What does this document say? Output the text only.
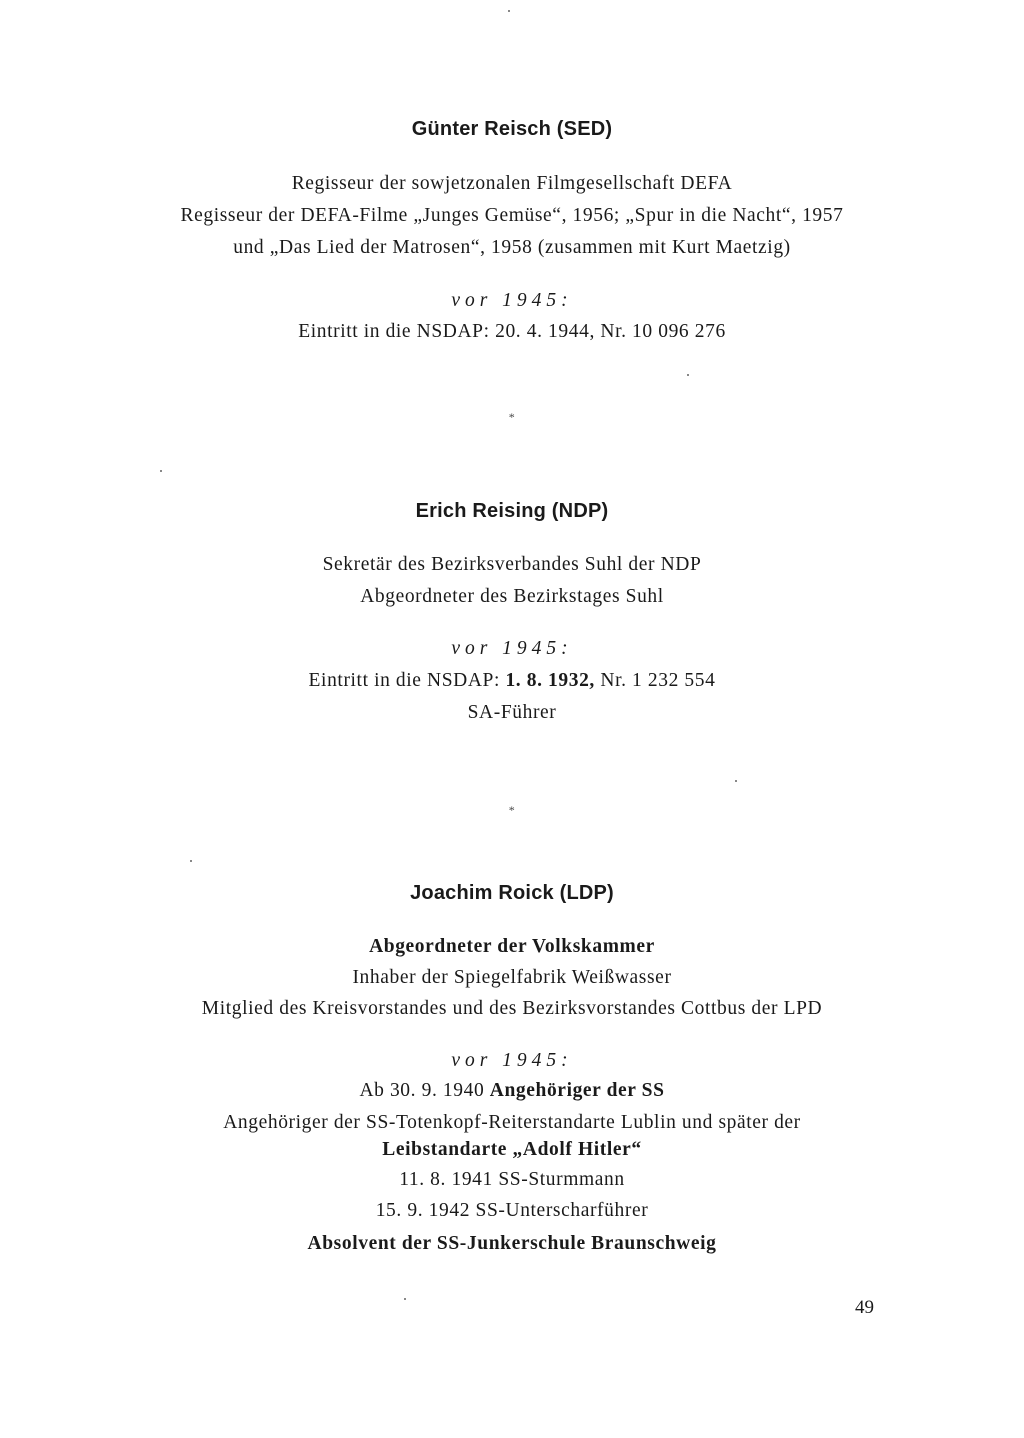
Günter Reisch (SED)
Regisseur der sowjetzonalen Filmgesellschaft DEFA
Regisseur der DEFA-Filme „Junges Gemüse“, 1956; „Spur in die Nacht“, 1957
und „Das Lied der Matrosen“, 1958 (zusammen mit Kurt Maetzig)
vor 1945:
Eintritt in die NSDAP: 20. 4. 1944, Nr. 10 096 276
*
Erich Reising (NDP)
Sekretär des Bezirksverbandes Suhl der NDP
Abgeordneter des Bezirkstages Suhl
vor 1945:
Eintritt in die NSDAP: 1. 8. 1932, Nr. 1 232 554
SA-Führer
*
Joachim Roick (LDP)
Abgeordneter der Volkskammer
Inhaber der Spiegelfabrik Weißwasser
Mitglied des Kreisvorstandes und des Bezirksvorstandes Cottbus der LPD
vor 1945:
Ab 30. 9. 1940 Angehöriger der SS
Angehöriger der SS-Totenkopf-Reiterstandarte Lublin und später der
Leibstandarte „Adolf Hitler“
11. 8. 1941 SS-Sturmmann
15. 9. 1942 SS-Unterscharführer
Absolvent der SS-Junkerschule Braunschweig
49
